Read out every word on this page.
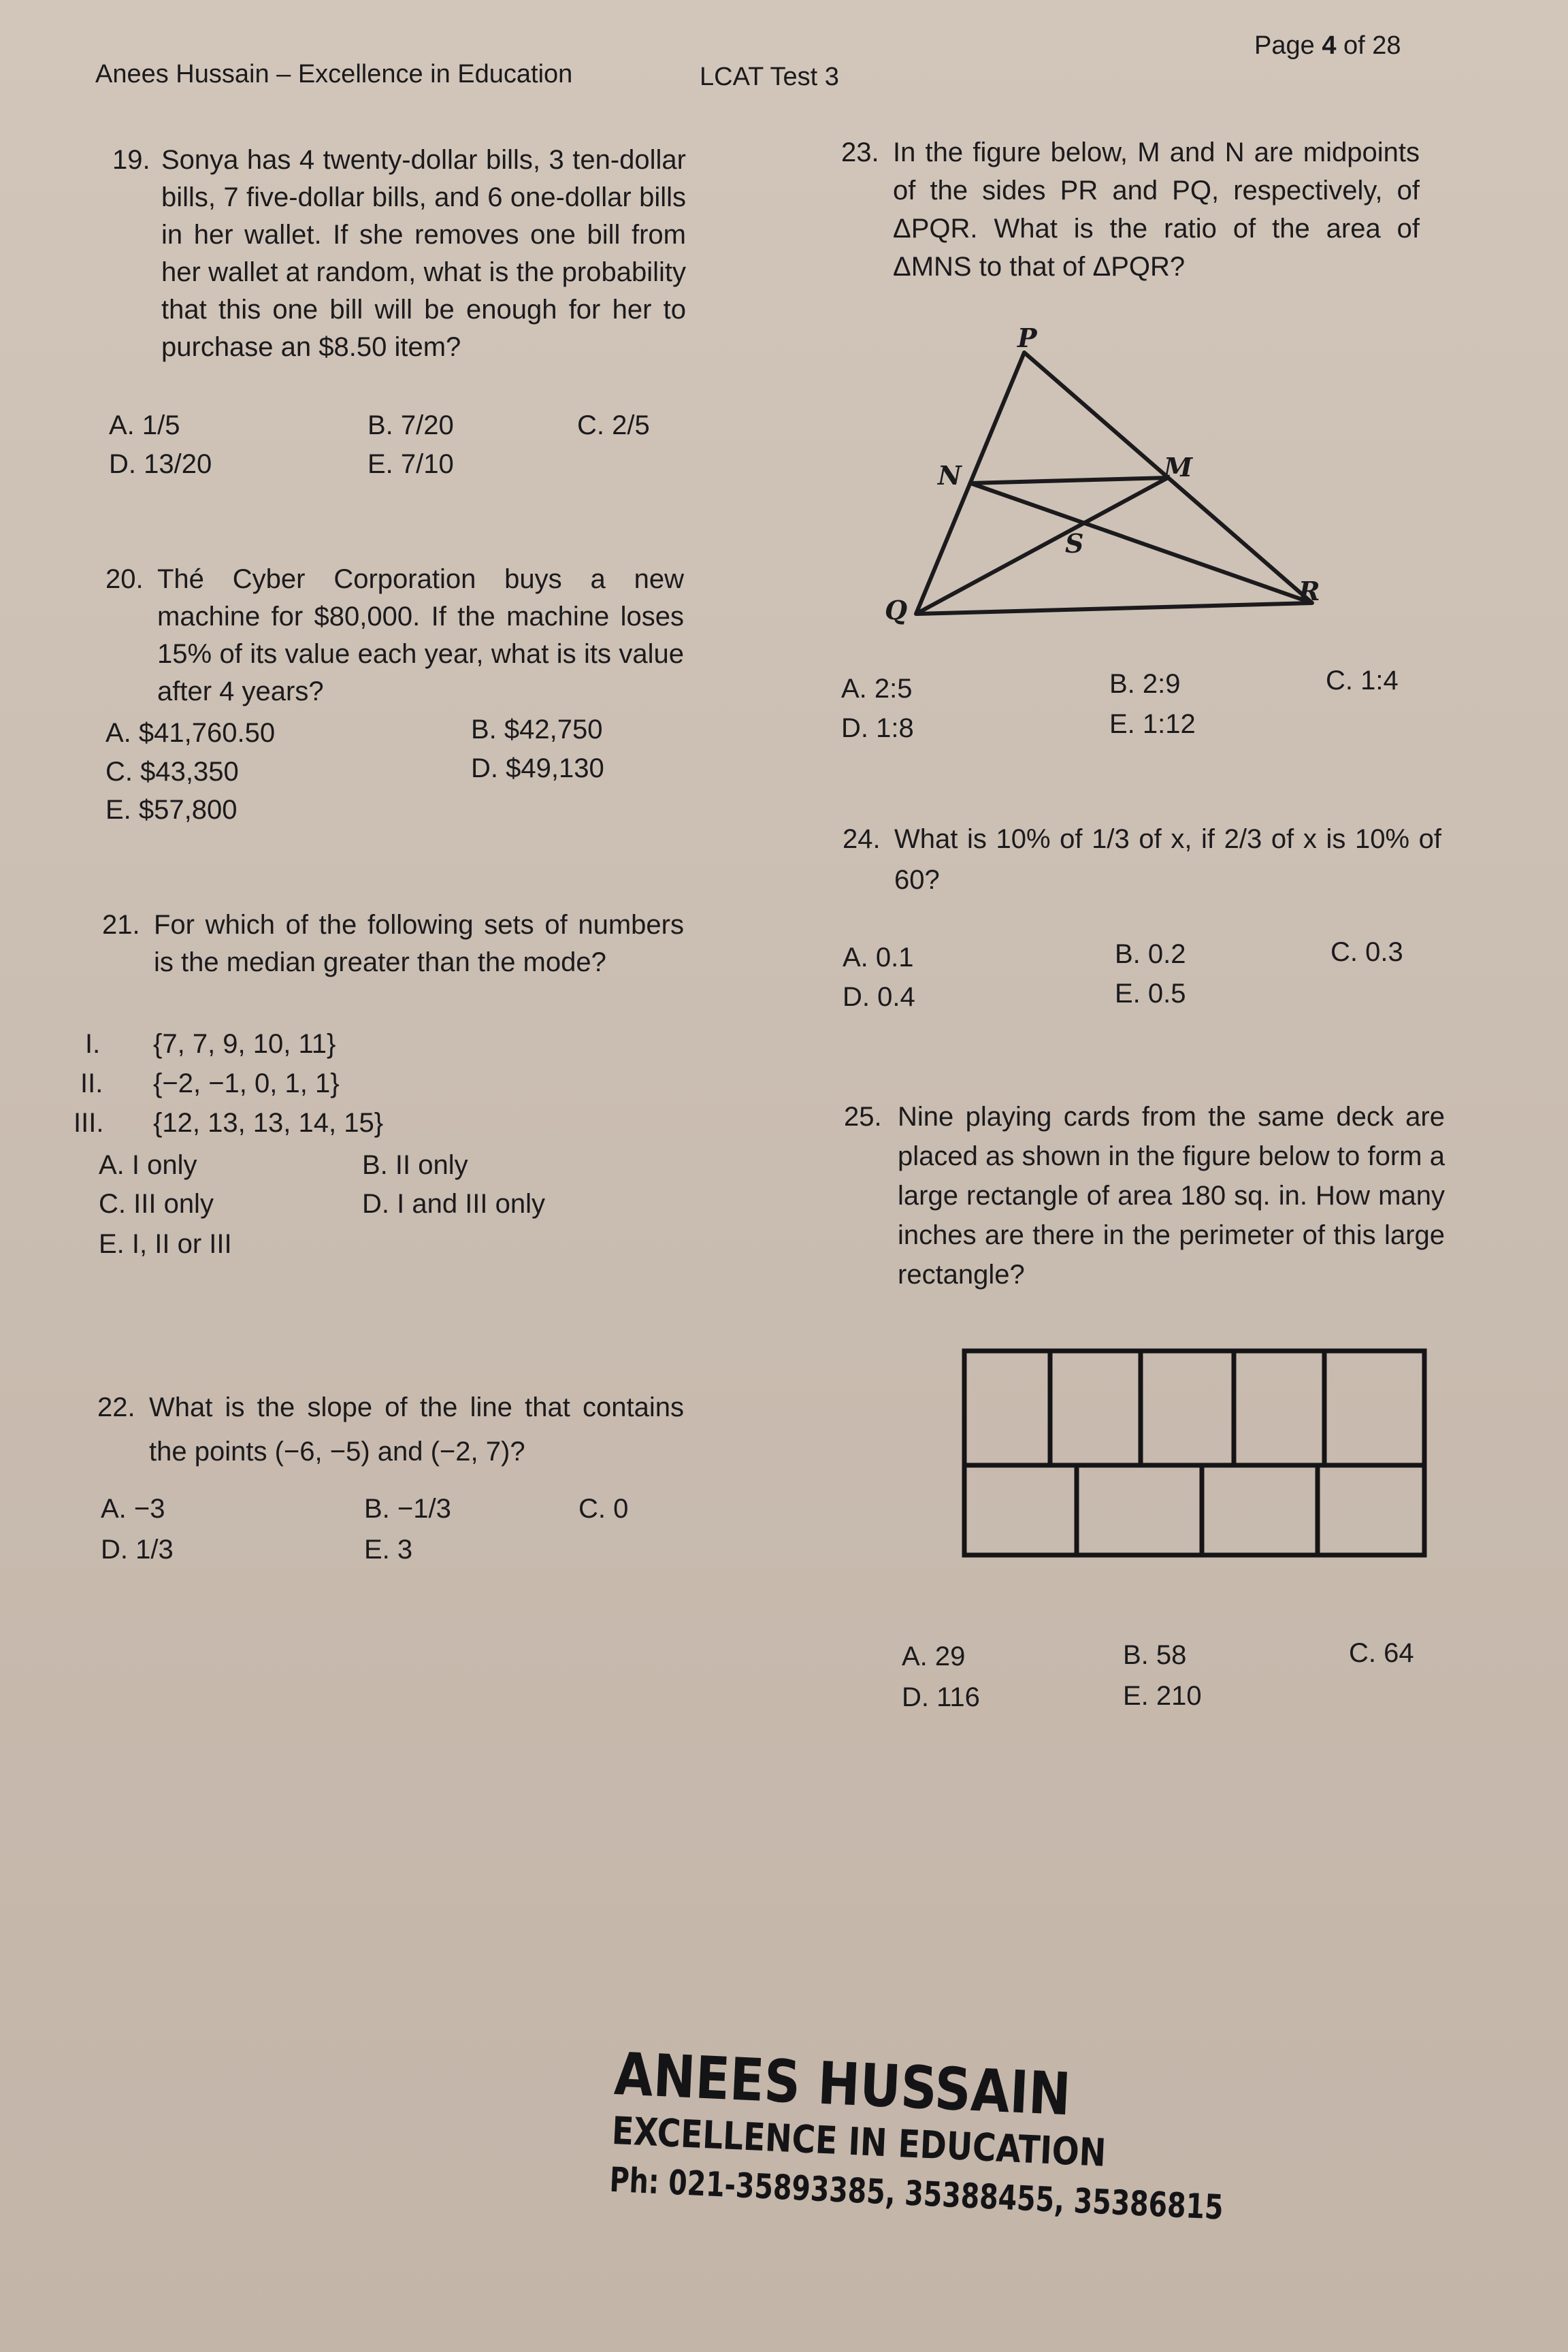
Anees Hussain – Excellence in Education	LCAT Test 3
Page 4 of 28
19. Sonya has 4 twenty-dollar bills, 3 ten-dollar bills, 7 five-dollar bills, and 6 one-dollar bills in her wallet. If she removes one bill from her wallet at random, what is the probability that this one bill will be enough for her to purchase an $8.50 item?
A. 1/5	B. 7/20	C. 2/5
D. 13/20	E. 7/10
20. Thé Cyber Corporation buys a new machine for $80,000. If the machine loses 15% of its value each year, what is its value after 4 years?
A. $41,760.50	B. $42,750
C. $43,350	D. $49,130
E. $57,800
21. For which of the following sets of numbers is the median greater than the mode?
I. {7, 7, 9, 10, 11}
II. {−2, −1, 0, 1, 1}
III. {12, 13, 13, 14, 15}
A. I only	B. II only
C. III only	D. I and III only
E. I, II or III
22. What is the slope of the line that contains the points (−6, −5) and (−2, 7)?
A. −3	B. −1/3	C. 0
D. 1/3	E. 3
23. In the figure below, M and N are midpoints of the sides PR and PQ, respectively, of ΔPQR. What is the ratio of the area of ΔMNS to that of ΔPQR?
P
N	M
S
Q
R
A. 2:5	B. 2:9	C. 1:4
D. 1:8	E. 1:12
24. What is 10% of 1/3 of x, if 2/3 of x is 10% of 60?
A. 0.1	B. 0.2	C. 0.3
D. 0.4	E. 0.5
25. Nine playing cards from the same deck are placed as shown in the figure below to form a large rectangle of area 180 sq. in. How many inches are there in the perimeter of this large rectangle?
A. 29	B. 58	C. 64
D. 116	E. 210
ANEES HUSSAIN
EXCELLENCE IN EDUCATION
Ph: 021-35893385, 35388455, 35386815
